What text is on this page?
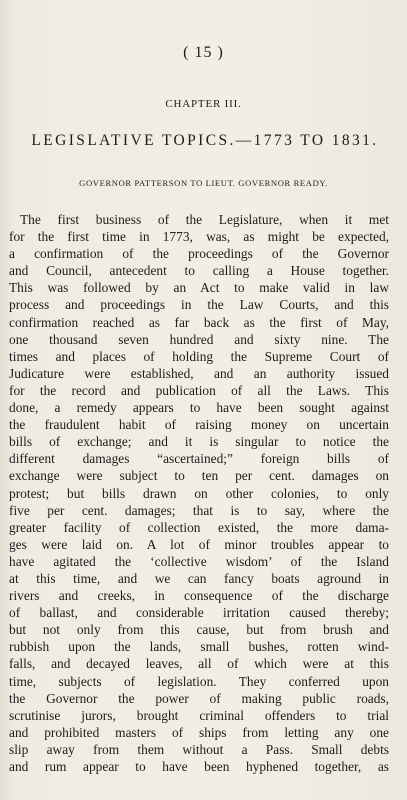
( 15 )
CHAPTER III.
LEGISLATIVE TOPICS.—1773 TO 1831.
GOVERNOR PATTERSON TO LIEUT. GOVERNOR READY.
The first business of the Legislature, when it met
for the first time in 1773, was, as might be expected,
a confirmation of the proceedings of the Governor
and Council, antecedent to calling a House together.
This was followed by an Act to make valid in law
process and proceedings in the Law Courts, and this
confirmation reached as far back as the first of May,
one thousand seven hundred and sixty nine. The
times and places of holding the Supreme Court of
Judicature were established, and an authority issued
for the record and publication of all the Laws. This
done, a remedy appears to have been sought against
the fraudulent habit of raising money on uncertain
bills of exchange; and it is singular to notice the
different damages “ascertained;” foreign bills of
exchange were subject to ten per cent. damages on
protest; but bills drawn on other colonies, to only
five per cent. damages; that is to say, where the
greater facility of collection existed, the more dama-
ges were laid on. A lot of minor troubles appear to
have agitated the ‘collective wisdom’ of the Island
at this time, and we can fancy boats aground in
rivers and creeks, in consequence of the discharge
of ballast, and considerable irritation caused thereby;
but not only from this cause, but from brush and
rubbish upon the lands, small bushes, rotten wind-
falls, and decayed leaves, all of which were at this
time, subjects of legislation. They conferred upon
the Governor the power of making public roads,
scrutinise jurors, brought criminal offenders to trial
and prohibited masters of ships from letting any one
slip away from them without a Pass. Small debts
and rum appear to have been hyphened together, as
